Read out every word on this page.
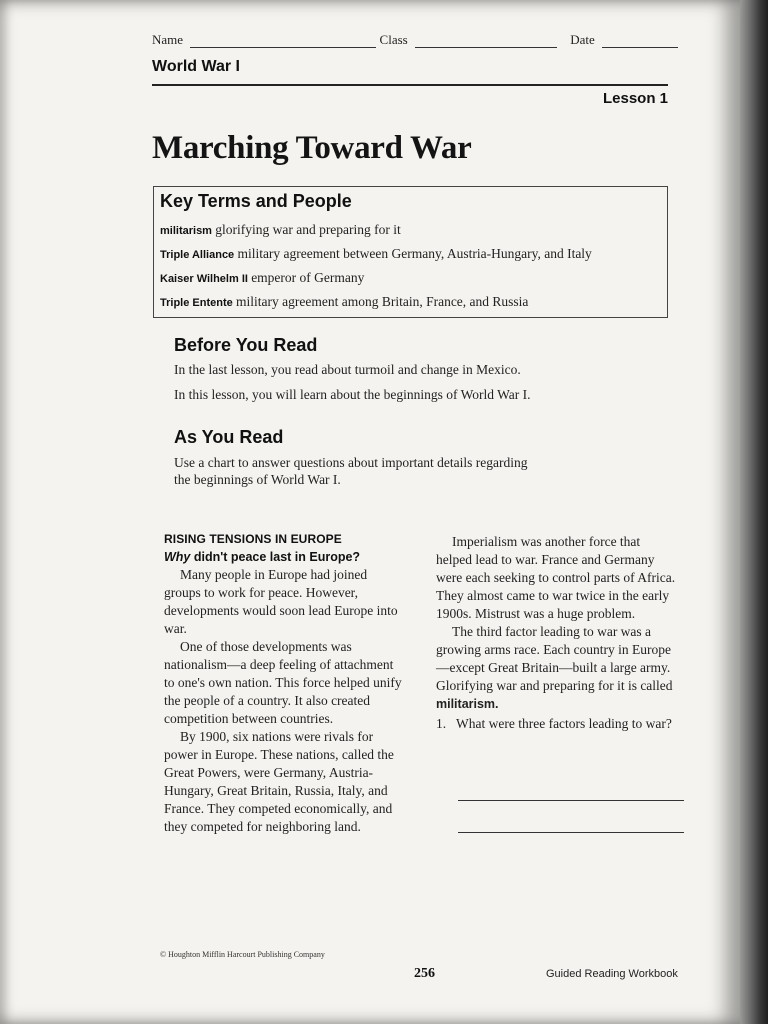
Name	Class	Date
World War I
Lesson 1
Marching Toward War
Key Terms and People
militarism glorifying war and preparing for it
Triple Alliance military agreement between Germany, Austria-Hungary, and Italy
Kaiser Wilhelm II emperor of Germany
Triple Entente military agreement among Britain, France, and Russia
Before You Read
In the last lesson, you read about turmoil and change in Mexico.
In this lesson, you will learn about the beginnings of World War I.
As You Read
Use a chart to answer questions about important details regarding
the beginnings of World War I.
RISING TENSIONS IN EUROPE
Why didn't peace last in Europe?

Many people in Europe had joined groups to work for peace. However, developments would soon lead Europe into war.

One of those developments was nationalism—a deep feeling of attachment to one's own nation. This force helped unify the people of a country. It also created competition between countries.

By 1900, six nations were rivals for power in Europe. These nations, called the Great Powers, were Germany, Austria-Hungary, Great Britain, Russia, Italy, and France. They competed economically, and they competed for neighboring land.

Imperialism was another force that helped lead to war. France and Germany were each seeking to control parts of Africa. They almost came to war twice in the early 1900s. Mistrust was a huge problem.

The third factor leading to war was a growing arms race. Each country in Europe—except Great Britain—built a large army. Glorifying war and preparing for it is called militarism.

1. What were three factors leading to war?
© Houghton Mifflin Harcourt Publishing Company
256	Guided Reading Workbook
